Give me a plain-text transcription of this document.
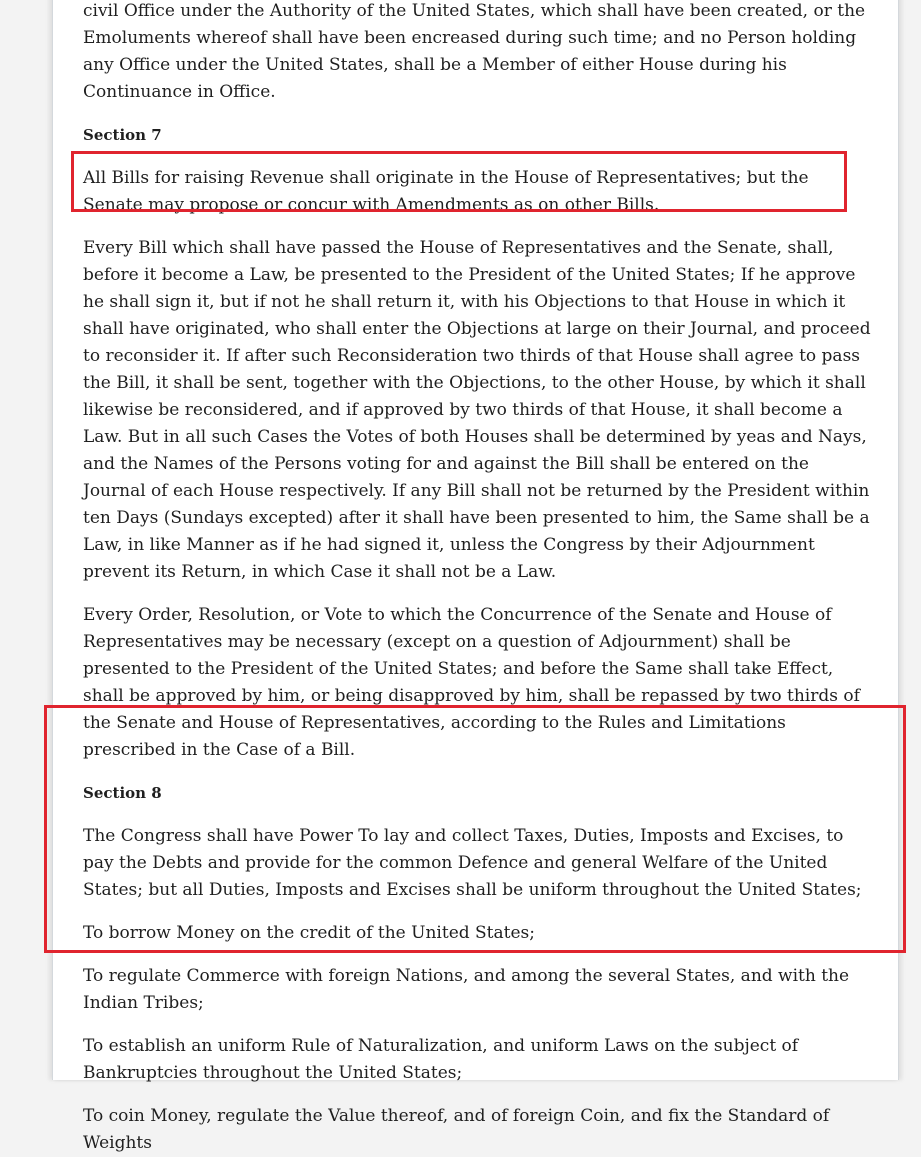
civil Office under the Authority of the United States, which shall have been created, or the Emoluments whereof shall have been encreased during such time; and no Person holding any Office under the United States, shall be a Member of either House during his Continuance in Office.

Section 7

All Bills for raising Revenue shall originate in the House of Representatives; but the Senate may propose or concur with Amendments as on other Bills.

Every Bill which shall have passed the House of Representatives and the Senate, shall, before it become a Law, be presented to the President of the United States; If he approve he shall sign it, but if not he shall return it, with his Objections to that House in which it shall have originated, who shall enter the Objections at large on their Journal, and proceed to reconsider it. If after such Reconsideration two thirds of that House shall agree to pass the Bill, it shall be sent, together with the Objections, to the other House, by which it shall likewise be reconsidered, and if approved by two thirds of that House, it shall become a Law. But in all such Cases the Votes of both Houses shall be determined by yeas and Nays, and the Names of the Persons voting for and against the Bill shall be entered on the Journal of each House respectively. If any Bill shall not be returned by the President within ten Days (Sundays excepted) after it shall have been presented to him, the Same shall be a Law, in like Manner as if he had signed it, unless the Congress by their Adjournment prevent its Return, in which Case it shall not be a Law.

Every Order, Resolution, or Vote to which the Concurrence of the Senate and House of Representatives may be necessary (except on a question of Adjournment) shall be presented to the President of the United States; and before the Same shall take Effect, shall be approved by him, or being disapproved by him, shall be repassed by two thirds of the Senate and House of Representatives, according to the Rules and Limitations prescribed in the Case of a Bill.

Section 8

The Congress shall have Power To lay and collect Taxes, Duties, Imposts and Excises, to pay the Debts and provide for the common Defence and general Welfare of the United States; but all Duties, Imposts and Excises shall be uniform throughout the United States;

To borrow Money on the credit of the United States;

To regulate Commerce with foreign Nations, and among the several States, and with the Indian Tribes;

To establish an uniform Rule of Naturalization, and uniform Laws on the subject of Bankruptcies throughout the United States;

To coin Money, regulate the Value thereof, and of foreign Coin, and fix the Standard of Weights
